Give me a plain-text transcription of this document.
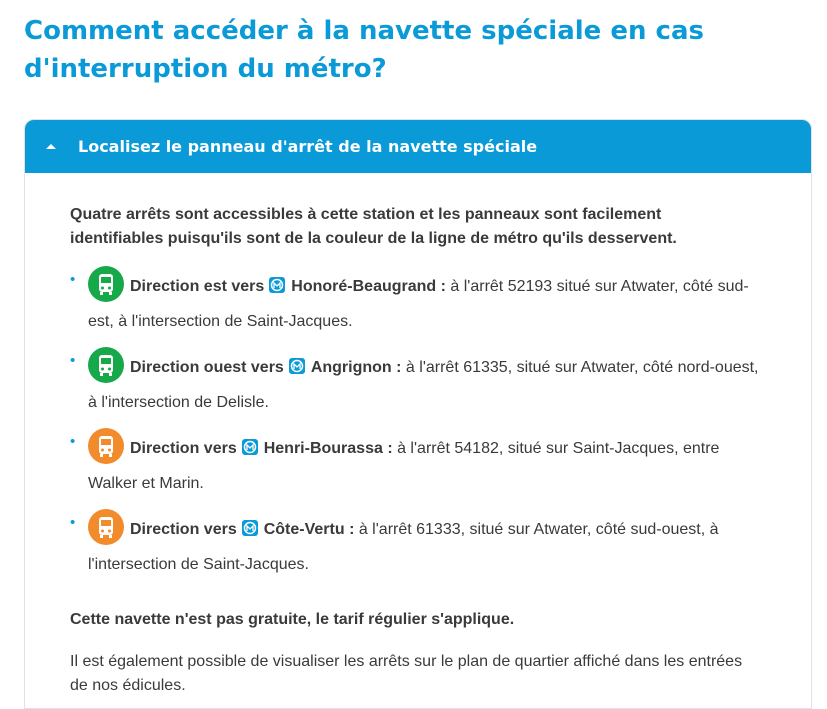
Comment accéder à la navette spéciale en cas d'interruption du métro?
Localisez le panneau d'arrêt de la navette spéciale

Quatre arrêts sont accessibles à cette station et les panneaux sont facilement identifiables puisqu'ils sont de la couleur de la ligne de métro qu'ils desservent.

•	Direction est vers Honoré-Beaugrand : à l'arrêt 52193 situé sur Atwater, côté sud-est, à l'intersection de Saint-Jacques.
•	Direction ouest vers Angrignon : à l'arrêt 61335, situé sur Atwater, côté nord-ouest, à l'intersection de Delisle.
•	Direction vers Henri-Bourassa : à l'arrêt 54182, situé sur Saint-Jacques, entre Walker et Marin.
•	Direction vers Côte-Vertu : à l'arrêt 61333, situé sur Atwater, côté sud-ouest, à l'intersection de Saint-Jacques.

Cette navette n'est pas gratuite, le tarif régulier s'applique.

Il est également possible de visualiser les arrêts sur le plan de quartier affiché dans les entrées de nos édicules.
